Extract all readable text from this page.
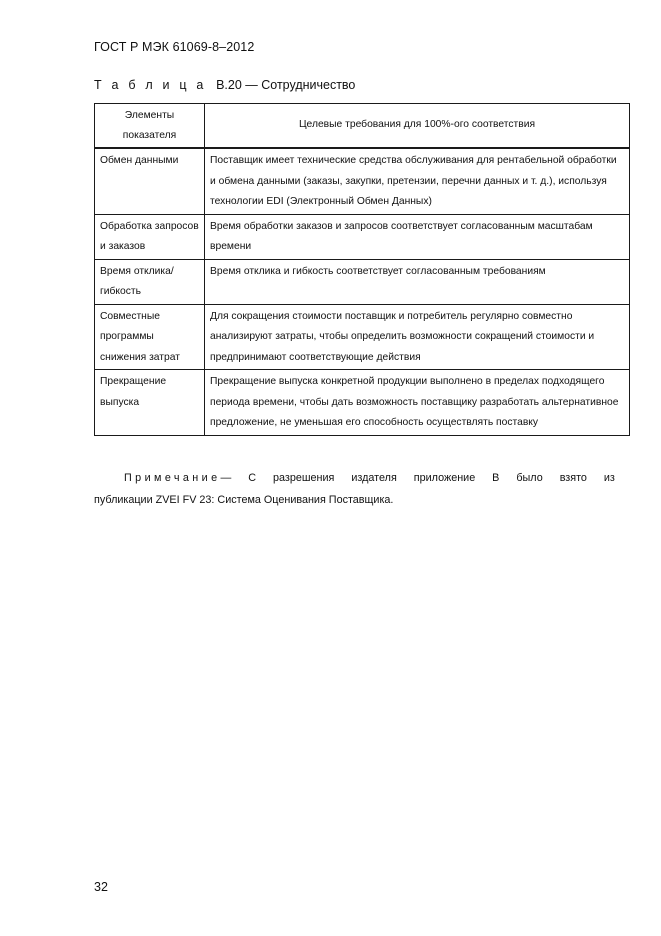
ГОСТ Р МЭК 61069-8–2012
Т а б л и ц а В.20 — Сотрудничество
Элементы показателя	Целевые требования для 100%-ого соответствия
Обмен данными	Поставщик имеет технические средства обслуживания для рентабельной обработки и обмена данными (заказы, закупки, претензии, перечни данных и т. д.), используя технологии EDI (Электронный Обмен Данных)
Обработка запросов и заказов	Время обработки заказов и запросов соответствует согласованным масштабам времени
Время отклика/гибкость	Время отклика и гибкость соответствует согласованным требованиям
Совместные программы снижения затрат	Для сокращения стоимости поставщик и потребитель регулярно совместно анализируют затраты, чтобы определить возможности сокращений стоимости и предпринимают соответствующие действия
Прекращение выпуска	Прекращение выпуска конкретной продукции выполнено в пределах подходящего периода времени, чтобы дать возможность поставщику разработать альтернативное предложение, не уменьшая его способность осуществлять поставку
Примечание— С разрешения издателя приложение В было взято из
публикации ZVEI FV 23: Система Оценивания Поставщика.
32
